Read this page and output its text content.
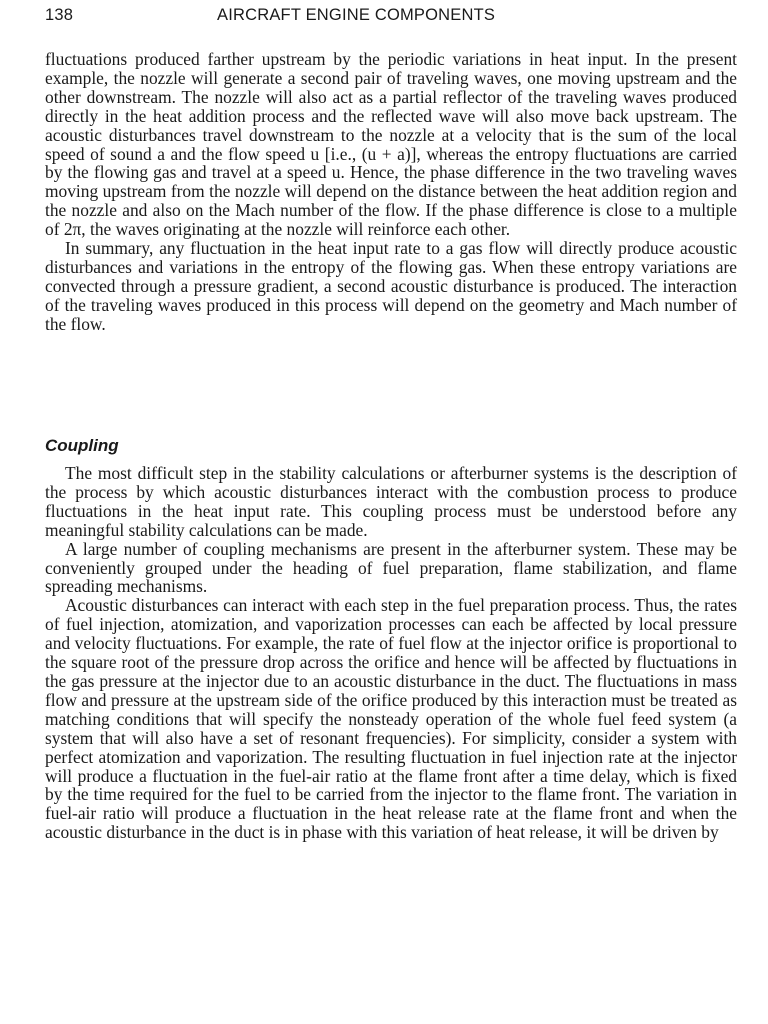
138	AIRCRAFT ENGINE COMPONENTS

fluctuations produced farther upstream by the periodic variations in heat input. In the present example, the nozzle will generate a second pair of traveling waves, one moving upstream and the other downstream. The nozzle will also act as a partial reflector of the traveling waves produced directly in the heat addition process and the reflected wave will also move back upstream. The acoustic disturbances travel downstream to the nozzle at a velocity that is the sum of the local speed of sound a and the flow speed u [i.e., (u + a)], whereas the entropy fluctuations are carried by the flowing gas and travel at a speed u. Hence, the phase difference in the two traveling waves moving upstream from the nozzle will depend on the distance between the heat addition region and the nozzle and also on the Mach number of the flow. If the phase difference is close to a multiple of 2π, the waves originating at the nozzle will reinforce each other.

In summary, any fluctuation in the heat input rate to a gas flow will directly produce acoustic disturbances and variations in the entropy of the flowing gas. When these entropy variations are convected through a pressure gradient, a second acoustic disturbance is produced. The interaction of the traveling waves produced in this process will depend on the geometry and Mach number of the flow.

Coupling

The most difficult step in the stability calculations or afterburner systems is the description of the process by which acoustic disturbances interact with the combustion process to produce fluctuations in the heat input rate. This coupling process must be understood before any meaningful stability calculations can be made.

A large number of coupling mechanisms are present in the afterburner system. These may be conveniently grouped under the heading of fuel preparation, flame stabilization, and flame spreading mechanisms.

Acoustic disturbances can interact with each step in the fuel preparation process. Thus, the rates of fuel injection, atomization, and vaporization processes can each be affected by local pressure and velocity fluctuations. For example, the rate of fuel flow at the injector orifice is proportional to the square root of the pressure drop across the orifice and hence will be affected by fluctuations in the gas pressure at the injector due to an acoustic disturbance in the duct. The fluctuations in mass flow and pressure at the upstream side of the orifice produced by this interaction must be treated as matching conditions that will specify the nonsteady operation of the whole fuel feed system (a system that will also have a set of resonant frequencies). For simplicity, consider a system with perfect atomization and vaporization. The resulting fluctuation in fuel injection rate at the injector will produce a fluctuation in the fuel-air ratio at the flame front after a time delay, which is fixed by the time required for the fuel to be carried from the injector to the flame front. The variation in fuel-air ratio will produce a fluctuation in the heat release rate at the flame front and when the acoustic disturbance in the duct is in phase with this variation of heat release, it will be driven by
